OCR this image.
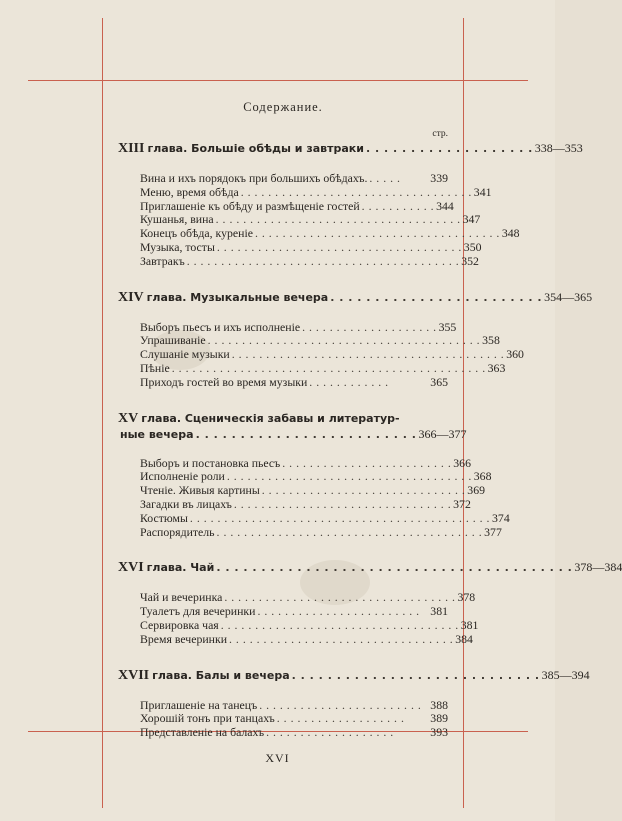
Содержание.
стр.
XIII глава. Большіе обѣды и завтраки . . . . . . . . . . . . . . . . . . . 338—353
Вина и ихъ порядокъ при большихъ обѣдахъ. . . . . .	339
Меню, время обѣда . . . . . . . . . . . . . . . . . . . . . . . . . . . . . . . . . . 341
Приглашеніе къ обѣду и размѣщеніе гостей . . . . . . . . . . . 344
Кушанья, вина . . . . . . . . . . . . . . . . . . . . . . . . . . . . . . . . . . . . 347
Конецъ обѣда, куреніе . . . . . . . . . . . . . . . . . . . . . . . . . . . . . . . . . . . . 348
Музыка, тосты . . . . . . . . . . . . . . . . . . . . . . . . . . . . . . . . . . . . 350
Завтракъ . . . . . . . . . . . . . . . . . . . . . . . . . . . . . . . . . . . . . . . . 352
XIV глава. Музыкальные вечера . . . . . . . . . . . . . . . . . . . . . . . . 354—365
Выборъ пьесъ и ихъ исполненіе . . . . . . . . . . . . . . . . . . . . 355
Упрашиваніе . . . . . . . . . . . . . . . . . . . . . . . . . . . . . . . . . . . . . . . . 358
Слушаніе музыки . . . . . . . . . . . . . . . . . . . . . . . . . . . . . . . . . . . . . . . . 360
Пѣніе . . . . . . . . . . . . . . . . . . . . . . . . . . . . . . . . . . . . . . . . . . . . . . 363
Приходъ гостей во время музыки . . . . . . . . . . . .	365
XV глава. Сценическія забавы и литератур-
ные вечера . . . . . . . . . . . . . . . . . . . . . . . . . 366—377
Выборъ и постановка пьесъ . . . . . . . . . . . . . . . . . . . . . . . . . 366
Исполненіе роли . . . . . . . . . . . . . . . . . . . . . . . . . . . . . . . . . . . . 368
Чтеніе. Живыя картины . . . . . . . . . . . . . . . . . . . . . . . . . . . . . . 369
Загадки въ лицахъ . . . . . . . . . . . . . . . . . . . . . . . . . . . . . . . . 372
Костюмы . . . . . . . . . . . . . . . . . . . . . . . . . . . . . . . . . . . . . . . . . . . . 374
Распорядитель . . . . . . . . . . . . . . . . . . . . . . . . . . . . . . . . . . . . . . . 377
XVI глава. Чай . . . . . . . . . . . . . . . . . . . . . . . . . . . . . . . . . . . . . . . . 378—384
Чай и вечеринка . . . . . . . . . . . . . . . . . . . . . . . . . . . . . . . . . . 378
Туалетъ для вечеринки . . . . . . . . . . . . . . . . . . . . . . . . 381
Сервировка чая . . . . . . . . . . . . . . . . . . . . . . . . . . . . . . . . . . . 381
Время вечеринки . . . . . . . . . . . . . . . . . . . . . . . . . . . . . . . . . 384
XVII глава. Балы и вечера . . . . . . . . . . . . . . . . . . . . . . . . . . . . 385—394
Приглашеніе на танецъ . . . . . . . . . . . . . . . . . . . . . . . . 388
Хорошій тонъ при танцахъ . . . . . . . . . . . . . . . . . . .	389
Представленіе на балахъ . . . . . . . . . . . . . . . . . . .	393
XVI
